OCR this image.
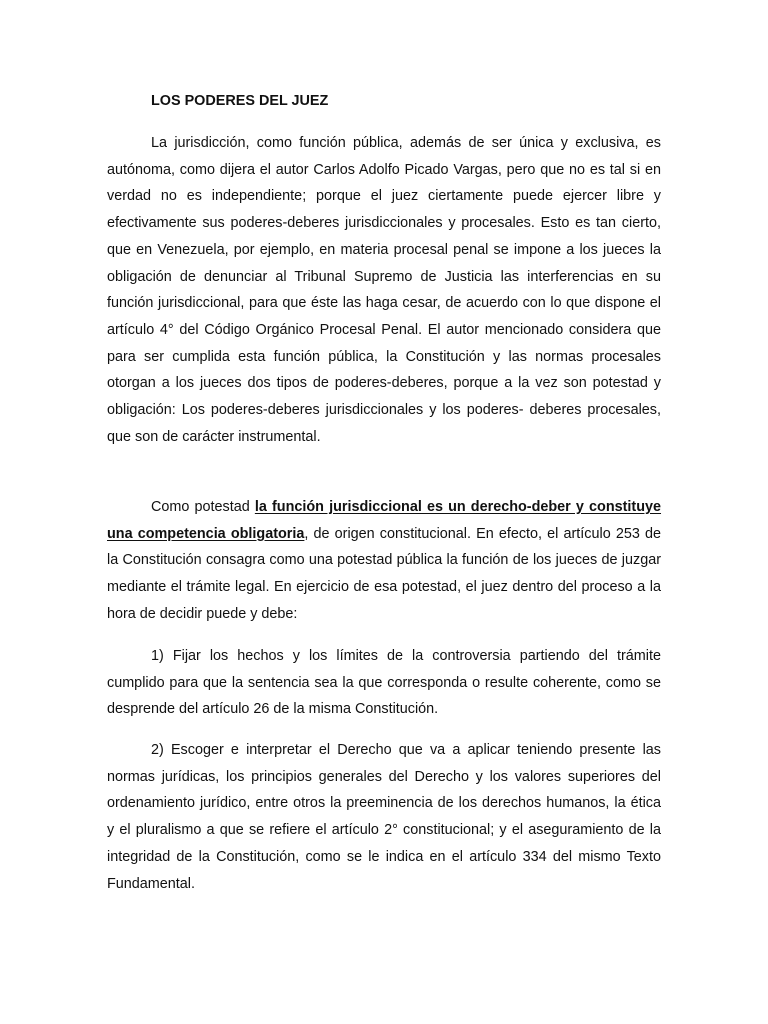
LOS PODERES DEL JUEZ

La jurisdicción, como función pública, además de ser única y exclusiva, es autónoma, como dijera el autor Carlos Adolfo Picado Vargas, pero que no es tal si en verdad no es independiente; porque el juez ciertamente puede ejercer libre y efectivamente sus poderes-deberes jurisdiccionales y procesales. Esto es tan cierto, que en Venezuela, por ejemplo, en materia procesal penal se impone a los jueces la obligación de denunciar al Tribunal Supremo de Justicia las interferencias en su función jurisdiccional, para que éste las haga cesar, de acuerdo con lo que dispone el artículo 4° del Código Orgánico Procesal Penal. El autor mencionado considera que para ser cumplida esta función pública, la Constitución y las normas procesales otorgan a los jueces dos tipos de poderes-deberes, porque a la vez son potestad y obligación: Los poderes-deberes jurisdiccionales y los poderes- deberes procesales, que son de carácter instrumental.

Como potestad la función jurisdiccional es un derecho-deber y constituye una competencia obligatoria, de origen constitucional. En efecto, el artículo 253 de la Constitución consagra como una potestad pública la función de los jueces de juzgar mediante el trámite legal. En ejercicio de esa potestad, el juez dentro del proceso a la hora de decidir puede y debe:

1) Fijar los hechos y los límites de la controversia partiendo del trámite cumplido para que la sentencia sea la que corresponda o resulte coherente, como se desprende del artículo 26 de la misma Constitución.

2) Escoger e interpretar el Derecho que va a aplicar teniendo presente las normas jurídicas, los principios generales del Derecho y los valores superiores del ordenamiento jurídico, entre otros la preeminencia de los derechos humanos, la ética y el pluralismo a que se refiere el artículo 2° constitucional; y el aseguramiento de la integridad de la Constitución, como se le indica en el artículo 334 del mismo Texto Fundamental.
